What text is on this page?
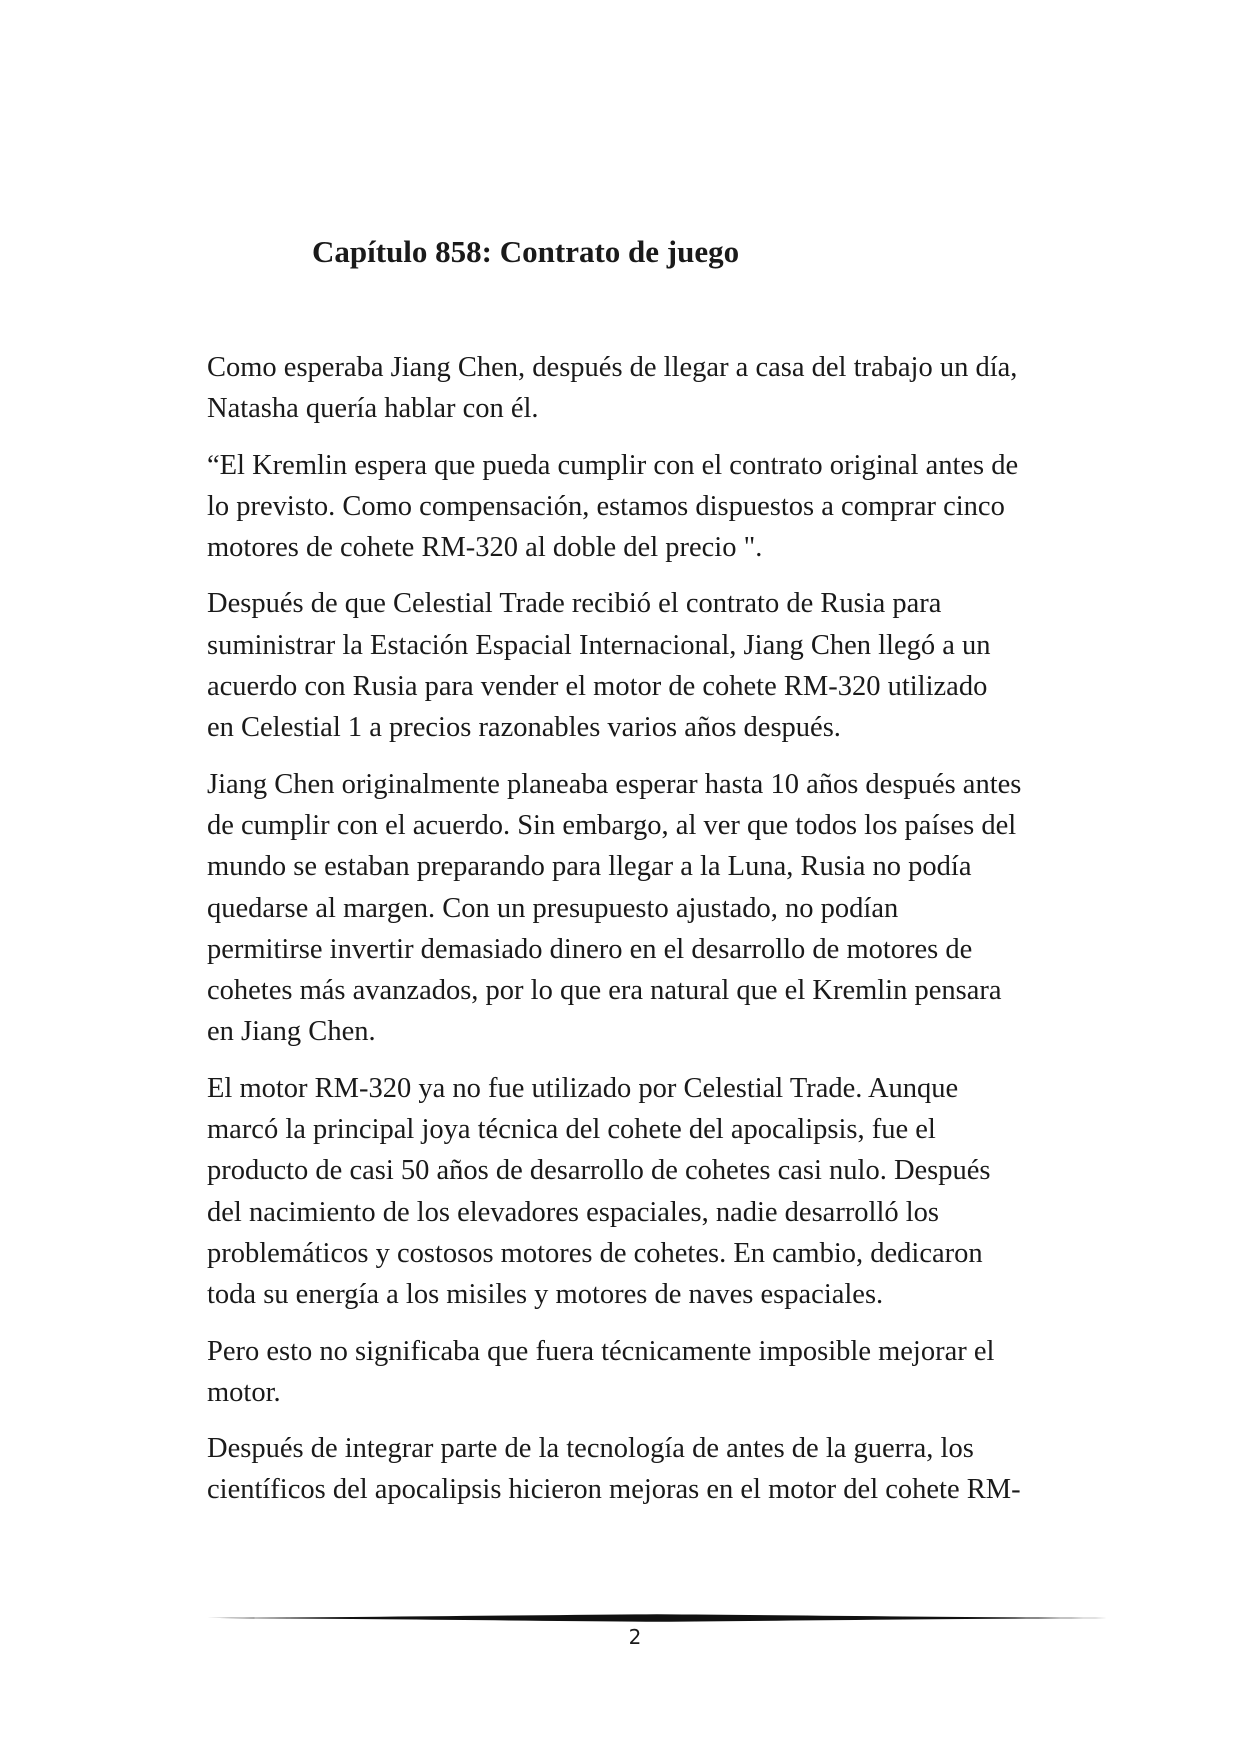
Capítulo 858: Contrato de juego

Como esperaba Jiang Chen, después de llegar a casa del trabajo un día,
Natasha quería hablar con él.

“El Kremlin espera que pueda cumplir con el contrato original antes de
lo previsto. Como compensación, estamos dispuestos a comprar cinco
motores de cohete RM-320 al doble del precio ".

Después de que Celestial Trade recibió el contrato de Rusia para
suministrar la Estación Espacial Internacional, Jiang Chen llegó a un
acuerdo con Rusia para vender el motor de cohete RM-320 utilizado
en Celestial 1 a precios razonables varios años después.

Jiang Chen originalmente planeaba esperar hasta 10 años después antes
de cumplir con el acuerdo. Sin embargo, al ver que todos los países del
mundo se estaban preparando para llegar a la Luna, Rusia no podía
quedarse al margen. Con un presupuesto ajustado, no podían
permitirse invertir demasiado dinero en el desarrollo de motores de
cohetes más avanzados, por lo que era natural que el Kremlin pensara
en Jiang Chen.

El motor RM-320 ya no fue utilizado por Celestial Trade. Aunque
marcó la principal joya técnica del cohete del apocalipsis, fue el
producto de casi 50 años de desarrollo de cohetes casi nulo. Después
del nacimiento de los elevadores espaciales, nadie desarrolló los
problemáticos y costosos motores de cohetes. En cambio, dedicaron
toda su energía a los misiles y motores de naves espaciales.

Pero esto no significaba que fuera técnicamente imposible mejorar el
motor.

Después de integrar parte de la tecnología de antes de la guerra, los
científicos del apocalipsis hicieron mejoras en el motor del cohete RM-

2
